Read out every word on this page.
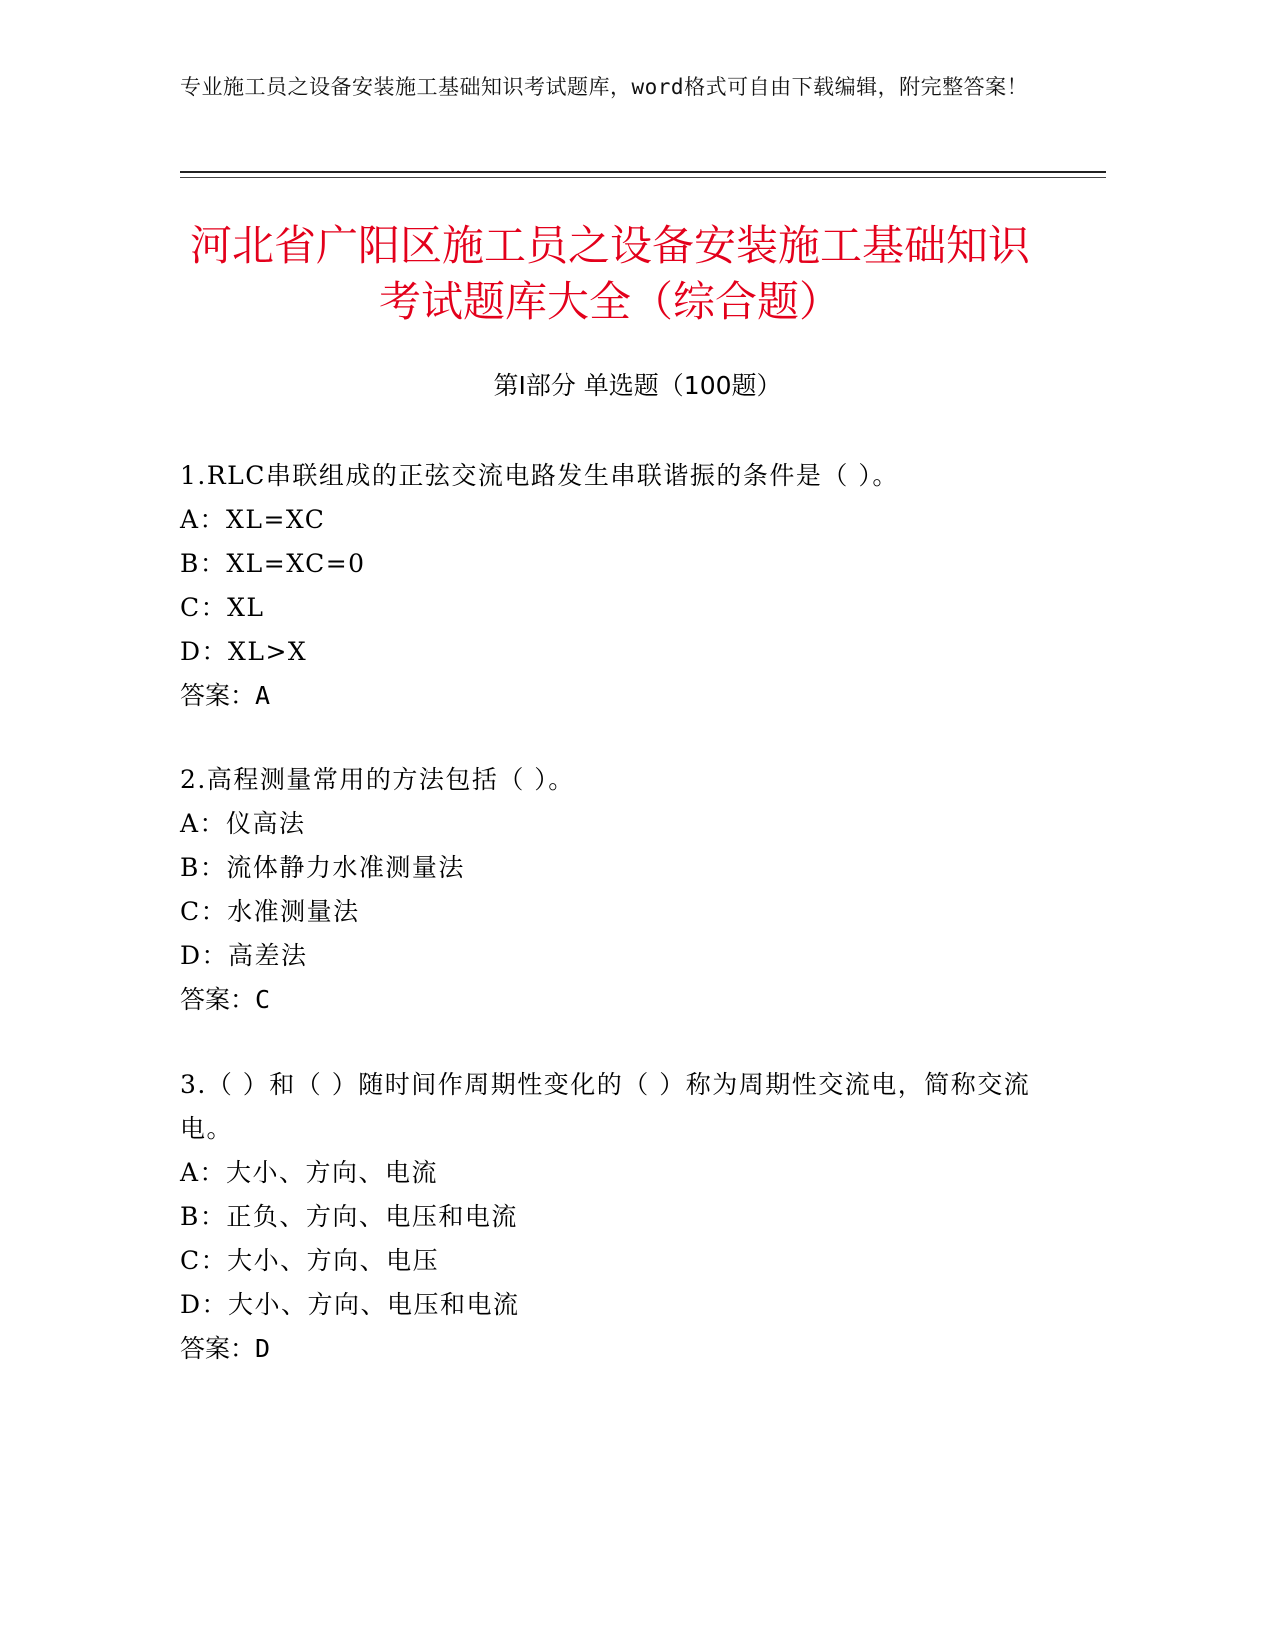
专业施工员之设备安装施工基础知识考试题库，word格式可自由下载编辑，附完整答案！
河北省广阳区施工员之设备安装施工基础知识考试题库大全（综合题）
第Ⅰ部分 单选题（100题）

1.RLC串联组成的正弦交流电路发生串联谐振的条件是（ ）。

A：XL=XC

B：XL=XC=0

C：XL

D：XL>X

答案：A

2.高程测量常用的方法包括（ ）。

A：仪高法

B：流体静力水准测量法

C：水准测量法

D：高差法

答案：C

3.（ ）和（ ）随时间作周期性变化的（ ）称为周期性交流电，简称交流电。

A：大小、方向、电流

B：正负、方向、电压和电流

C：大小、方向、电压

D：大小、方向、电压和电流

答案：D
